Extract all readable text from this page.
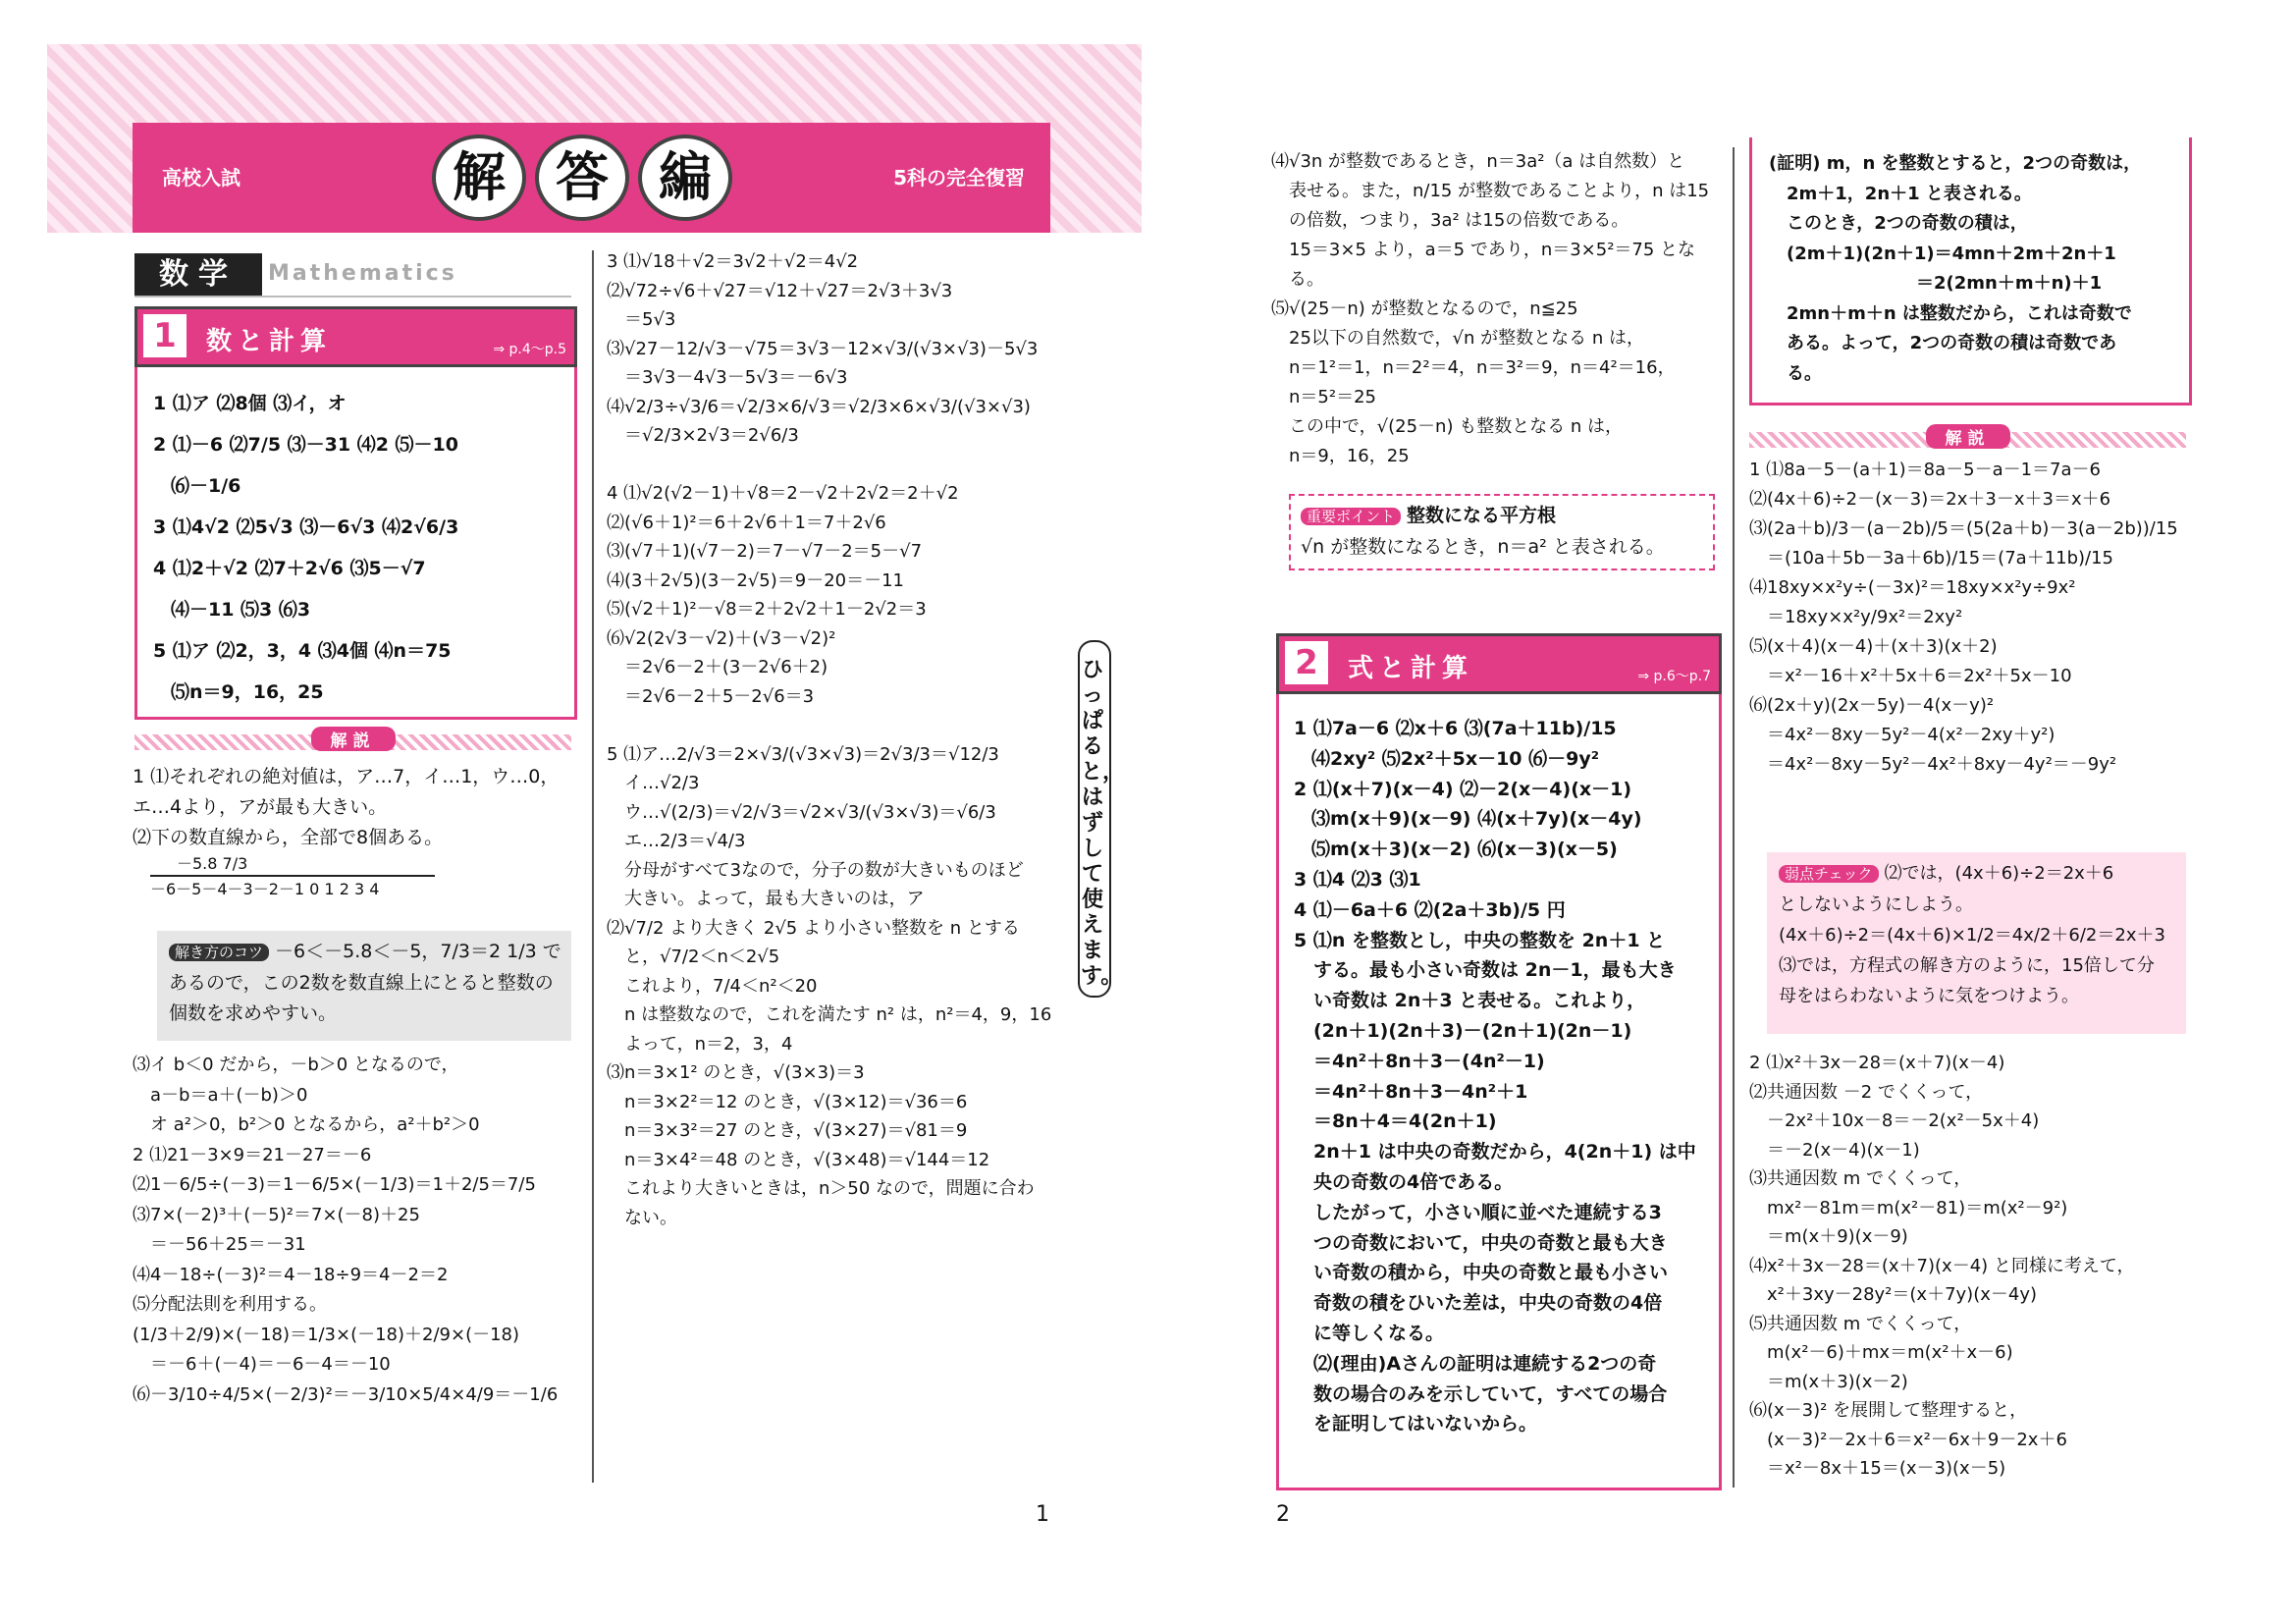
高校入試	解 答 編	5科の完全復習
数学	Mathematics
1	数と計算	⇒ p.4～p.5
1 ⑴ア ⑵8個 ⑶イ，オ
2 ⑴－6 ⑵7/5 ⑶－31 ⑷2 ⑸－10
⑹－1/6
3 ⑴4√2 ⑵5√3 ⑶－6√3 ⑷2√6/3
4 ⑴2＋√2 ⑵7＋2√6 ⑶5－√7
⑷－11 ⑸3 ⑹3
5 ⑴ア ⑵2，3，4 ⑶4個 ⑷n＝75
⑸n＝9，16，25
解説
1 ⑴それぞれの絶対値は，ア…7，イ…1，ウ…0，
エ…4より，アが最も大きい。
⑵下の数直線から，全部で8個ある。
－5.8 7/3
－6－5－4－3－2－1 0 1 2 3 4
解き方のコツ －6＜－5.8＜－5，7/3＝2 1/3 で
あるので，この2数を数直線上にとると整数の
個数を求めやすい。
⑶イ b＜0 だから，－b＞0 となるので，
a－b＝a＋(－b)＞0
オ a²＞0，b²＞0 となるから，a²＋b²＞0
2 ⑴21－3×9＝21－27＝－6
⑵1－6/5÷(－3)＝1－6/5×(－1/3)＝1＋2/5＝7/5
⑶7×(－2)³＋(－5)²＝7×(－8)＋25
＝－56＋25＝－31
⑷4－18÷(－3)²＝4－18÷9＝4－2＝2
⑸分配法則を利用する。
(1/3＋2/9)×(－18)＝1/3×(－18)＋2/9×(－18)
＝－6＋(－4)＝－6－4＝－10
⑹－3/10÷4/5×(－2/3)²＝－3/10×5/4×4/9＝－1/6
3 ⑴√18＋√2＝3√2＋√2＝4√2
⑵√72÷√6＋√27＝√12＋√27＝2√3＋3√3
＝5√3
⑶√27－12/√3－√75＝3√3－12×√3/(√3×√3)－5√3
＝3√3－4√3－5√3＝－6√3
⑷√2/3÷√3/6＝√2/3×6/√3＝√2/3×6×√3/(√3×√3)
＝√2/3×2√3＝2√6/3

4 ⑴√2(√2－1)＋√8＝2－√2＋2√2＝2＋√2
⑵(√6＋1)²＝6＋2√6＋1＝7＋2√6
⑶(√7＋1)(√7－2)＝7－√7－2＝5－√7
⑷(3＋2√5)(3－2√5)＝9－20＝－11
⑸(√2＋1)²－√8＝2＋2√2＋1－2√2＝3
⑹√2(2√3－√2)＋(√3－√2)²
＝2√6－2＋(3－2√6＋2)
＝2√6－2＋5－2√6＝3

5 ⑴ア…2/√3＝2×√3/(√3×√3)＝2√3/3＝√12/3
イ…√2/3
ウ…√(2/3)＝√2/√3＝√2×√3/(√3×√3)＝√6/3
エ…2/3＝√4/3
分母がすべて3なので，分子の数が大きいものほど
大きい。よって，最も大きいのは，ア
⑵√7/2 より大きく 2√5 より小さい整数を n とする
と，√7/2＜n＜2√5
これより，7/4＜n²＜20
n は整数なので，これを満たす n² は，n²＝4，9，16
よって，n＝2，3，4
⑶n＝3×1² のとき，√(3×3)＝3
n＝3×2²＝12 のとき，√(3×12)＝√36＝6
n＝3×3²＝27 のとき，√(3×27)＝√81＝9
n＝3×4²＝48 のとき，√(3×48)＝√144＝12
これより大きいときは，n＞50 なので，問題に合わ
ない。
ひっぱると，はずして使えます。
1	2
⑷√3n が整数であるとき，n＝3a²（a は自然数）と
表せる。また，n/15 が整数であることより，n は15
の倍数，つまり，3a² は15の倍数である。
15＝3×5 より，a＝5 であり，n＝3×5²＝75 とな
る。
⑸√(25－n) が整数となるので，n≦25
25以下の自然数で，√n が整数となる n は，
n＝1²＝1，n＝2²＝4，n＝3²＝9，n＝4²＝16，
n＝5²＝25
この中で，√(25－n) も整数となる n は，
n＝9，16，25
重要ポイント 整数になる平方根
√n が整数になるとき，n＝a² と表される。
2	式と計算	⇒ p.6～p.7
1 ⑴7a－6 ⑵x＋6 ⑶(7a＋11b)/15
⑷2xy² ⑸2x²＋5x－10 ⑹－9y²
2 ⑴(x＋7)(x－4) ⑵－2(x－4)(x－1)
⑶m(x＋9)(x－9) ⑷(x＋7y)(x－4y)
⑸m(x＋3)(x－2) ⑹(x－3)(x－5)
3 ⑴4 ⑵3 ⑶1
4 ⑴－6a＋6 ⑵(2a＋3b)/5 円
5 ⑴n を整数とし，中央の整数を 2n＋1 と
する。最も小さい奇数は 2n－1，最も大き
い奇数は 2n＋3 と表せる。これより，
(2n＋1)(2n＋3)－(2n＋1)(2n－1)
＝4n²＋8n＋3－(4n²－1)
＝4n²＋8n＋3－4n²＋1
＝8n＋4＝4(2n＋1)
2n＋1 は中央の奇数だから，4(2n＋1) は中
央の奇数の4倍である。
したがって，小さい順に並べた連続する3
つの奇数において，中央の奇数と最も大き
い奇数の積から，中央の奇数と最も小さい
奇数の積をひいた差は，中央の奇数の4倍
に等しくなる。
⑵(理由)Aさんの証明は連続する2つの奇
数の場合のみを示していて，すべての場合
を証明してはいないから。
(証明) m，n を整数とすると，2つの奇数は，
2m＋1，2n＋1 と表される。
このとき，2つの奇数の積は，
(2m＋1)(2n＋1)＝4mn＋2m＋2n＋1
＝2(2mn＋m＋n)＋1
2mn＋m＋n は整数だから，これは奇数で
ある。よって，2つの奇数の積は奇数であ
る。
解説
1 ⑴8a－5－(a＋1)＝8a－5－a－1＝7a－6
⑵(4x＋6)÷2－(x－3)＝2x＋3－x＋3＝x＋6
⑶(2a＋b)/3－(a－2b)/5＝(5(2a＋b)－3(a－2b))/15
＝(10a＋5b－3a＋6b)/15＝(7a＋11b)/15
⑷18xy×x²y÷(－3x)²＝18xy×x²y÷9x²
＝18xy×x²y/9x²＝2xy²
⑸(x＋4)(x－4)＋(x＋3)(x＋2)
＝x²－16＋x²＋5x＋6＝2x²＋5x－10
⑹(2x＋y)(2x－5y)－4(x－y)²
＝4x²－8xy－5y²－4(x²－2xy＋y²)
＝4x²－8xy－5y²－4x²＋8xy－4y²＝－9y²
弱点チェック ⑵では，(4x＋6)÷2＝2x＋6
としないようにしよう。
(4x＋6)÷2＝(4x＋6)×1/2＝4x/2＋6/2＝2x＋3
⑶では，方程式の解き方のように，15倍して分
母をはらわないように気をつけよう。
2 ⑴x²＋3x－28＝(x＋7)(x－4)
⑵共通因数 －2 でくくって，
－2x²＋10x－8＝－2(x²－5x＋4)
＝－2(x－4)(x－1)
⑶共通因数 m でくくって，
mx²－81m＝m(x²－81)＝m(x²－9²)
＝m(x＋9)(x－9)
⑷x²＋3x－28＝(x＋7)(x－4) と同様に考えて，
x²＋3xy－28y²＝(x＋7y)(x－4y)
⑸共通因数 m でくくって，
m(x²－6)＋mx＝m(x²＋x－6)
＝m(x＋3)(x－2)
⑹(x－3)² を展開して整理すると，
(x－3)²－2x＋6＝x²－6x＋9－2x＋6
＝x²－8x＋15＝(x－3)(x－5)
